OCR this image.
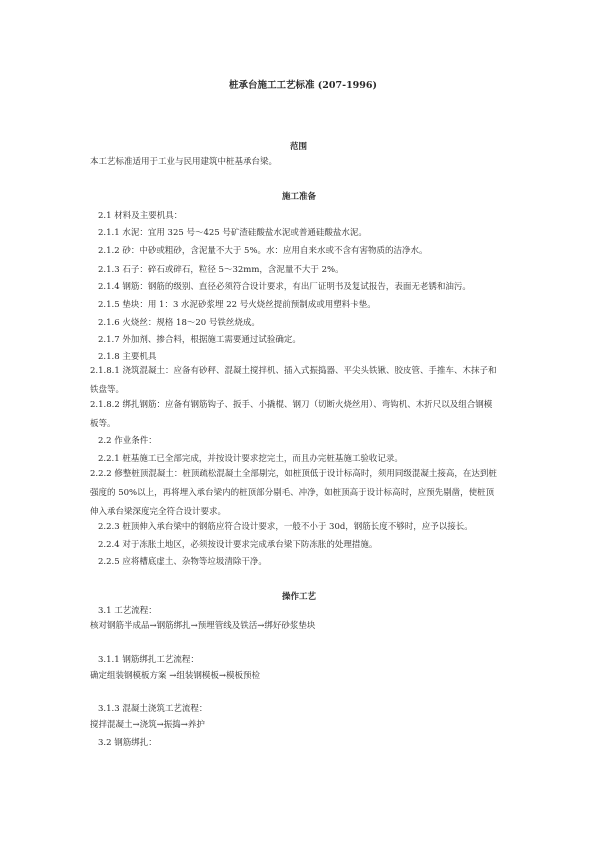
桩承台施工工艺标准 (207-1996)
范围
本工艺标准适用于工业与民用建筑中桩基承台梁。
施工准备
2.1 材料及主要机具：
2.1.1 水泥：宜用 325 号～425 号矿渣硅酸盐水泥或普通硅酸盐水泥。
2.1.2 砂：中砂或粗砂，含泥量不大于 5%。水：应用自来水或不含有害物质的洁净水。
2.1.3 石子：碎石或碎石，粒径 5～32mm，含泥量不大于 2%。
2.1.4 钢筋：钢筋的级别、直径必须符合设计要求，有出厂证明书及复试报告，表面无老锈和油污。
2.1.5 垫块：用 1：3 水泥砂浆埋 22 号火烧丝提前预制成或用塑料卡垫。
2.1.6 火烧丝：规格 18～20 号铁丝烧成。
2.1.7 外加剂、掺合料，根据施工需要通过试验确定。
2.1.8 主要机具
2.1.8.1 浇筑混凝土：应备有砂秤、混凝土搅拌机、插入式振捣器、平尖头铁锹、胶皮管、手推车、木抹子和铁盘等。
2.1.8.2 绑扎钢筋：应备有钢筋钩子、扳手、小撬棍、钢刀（切断火烧丝用）、弯钩机、木折尺以及组合钢模板等。
2.2 作业条件：
2.2.1 桩基施工已全部完成，并按设计要求挖完土，而且办完桩基施工验收记录。
2.2.2 修整桩顶混凝土：桩顶疏松混凝土全部剔完，如桩顶低于设计标高时，须用同级混凝土接高，在达到桩强度的 50%以上，再将埋入承台梁内的桩顶部分剔毛、冲净，如桩顶高于设计标高时，应预先剔凿，使桩顶伸入承台梁深度完全符合设计要求。
2.2.3 桩顶伸入承台梁中的钢筋应符合设计要求，一般不小于 30d，钢筋长度不够时，应予以接长。
2.2.4 对于冻胀土地区，必须按设计要求完成承台梁下防冻胀的处理措施。
2.2.5 应将槽底虚土、杂物等垃圾清除干净。
操作工艺
3.1 工艺流程：
核对钢筋半成品→钢筋绑扎→预埋管线及铁活→绑好砂浆垫块
3.1.1 钢筋绑扎工艺流程：
确定组装钢模板方案 →组装钢模板→模板预检
3.1.3 混凝土浇筑工艺流程：
搅拌混凝土→浇筑→振捣→养护
3.2 钢筋绑扎：
